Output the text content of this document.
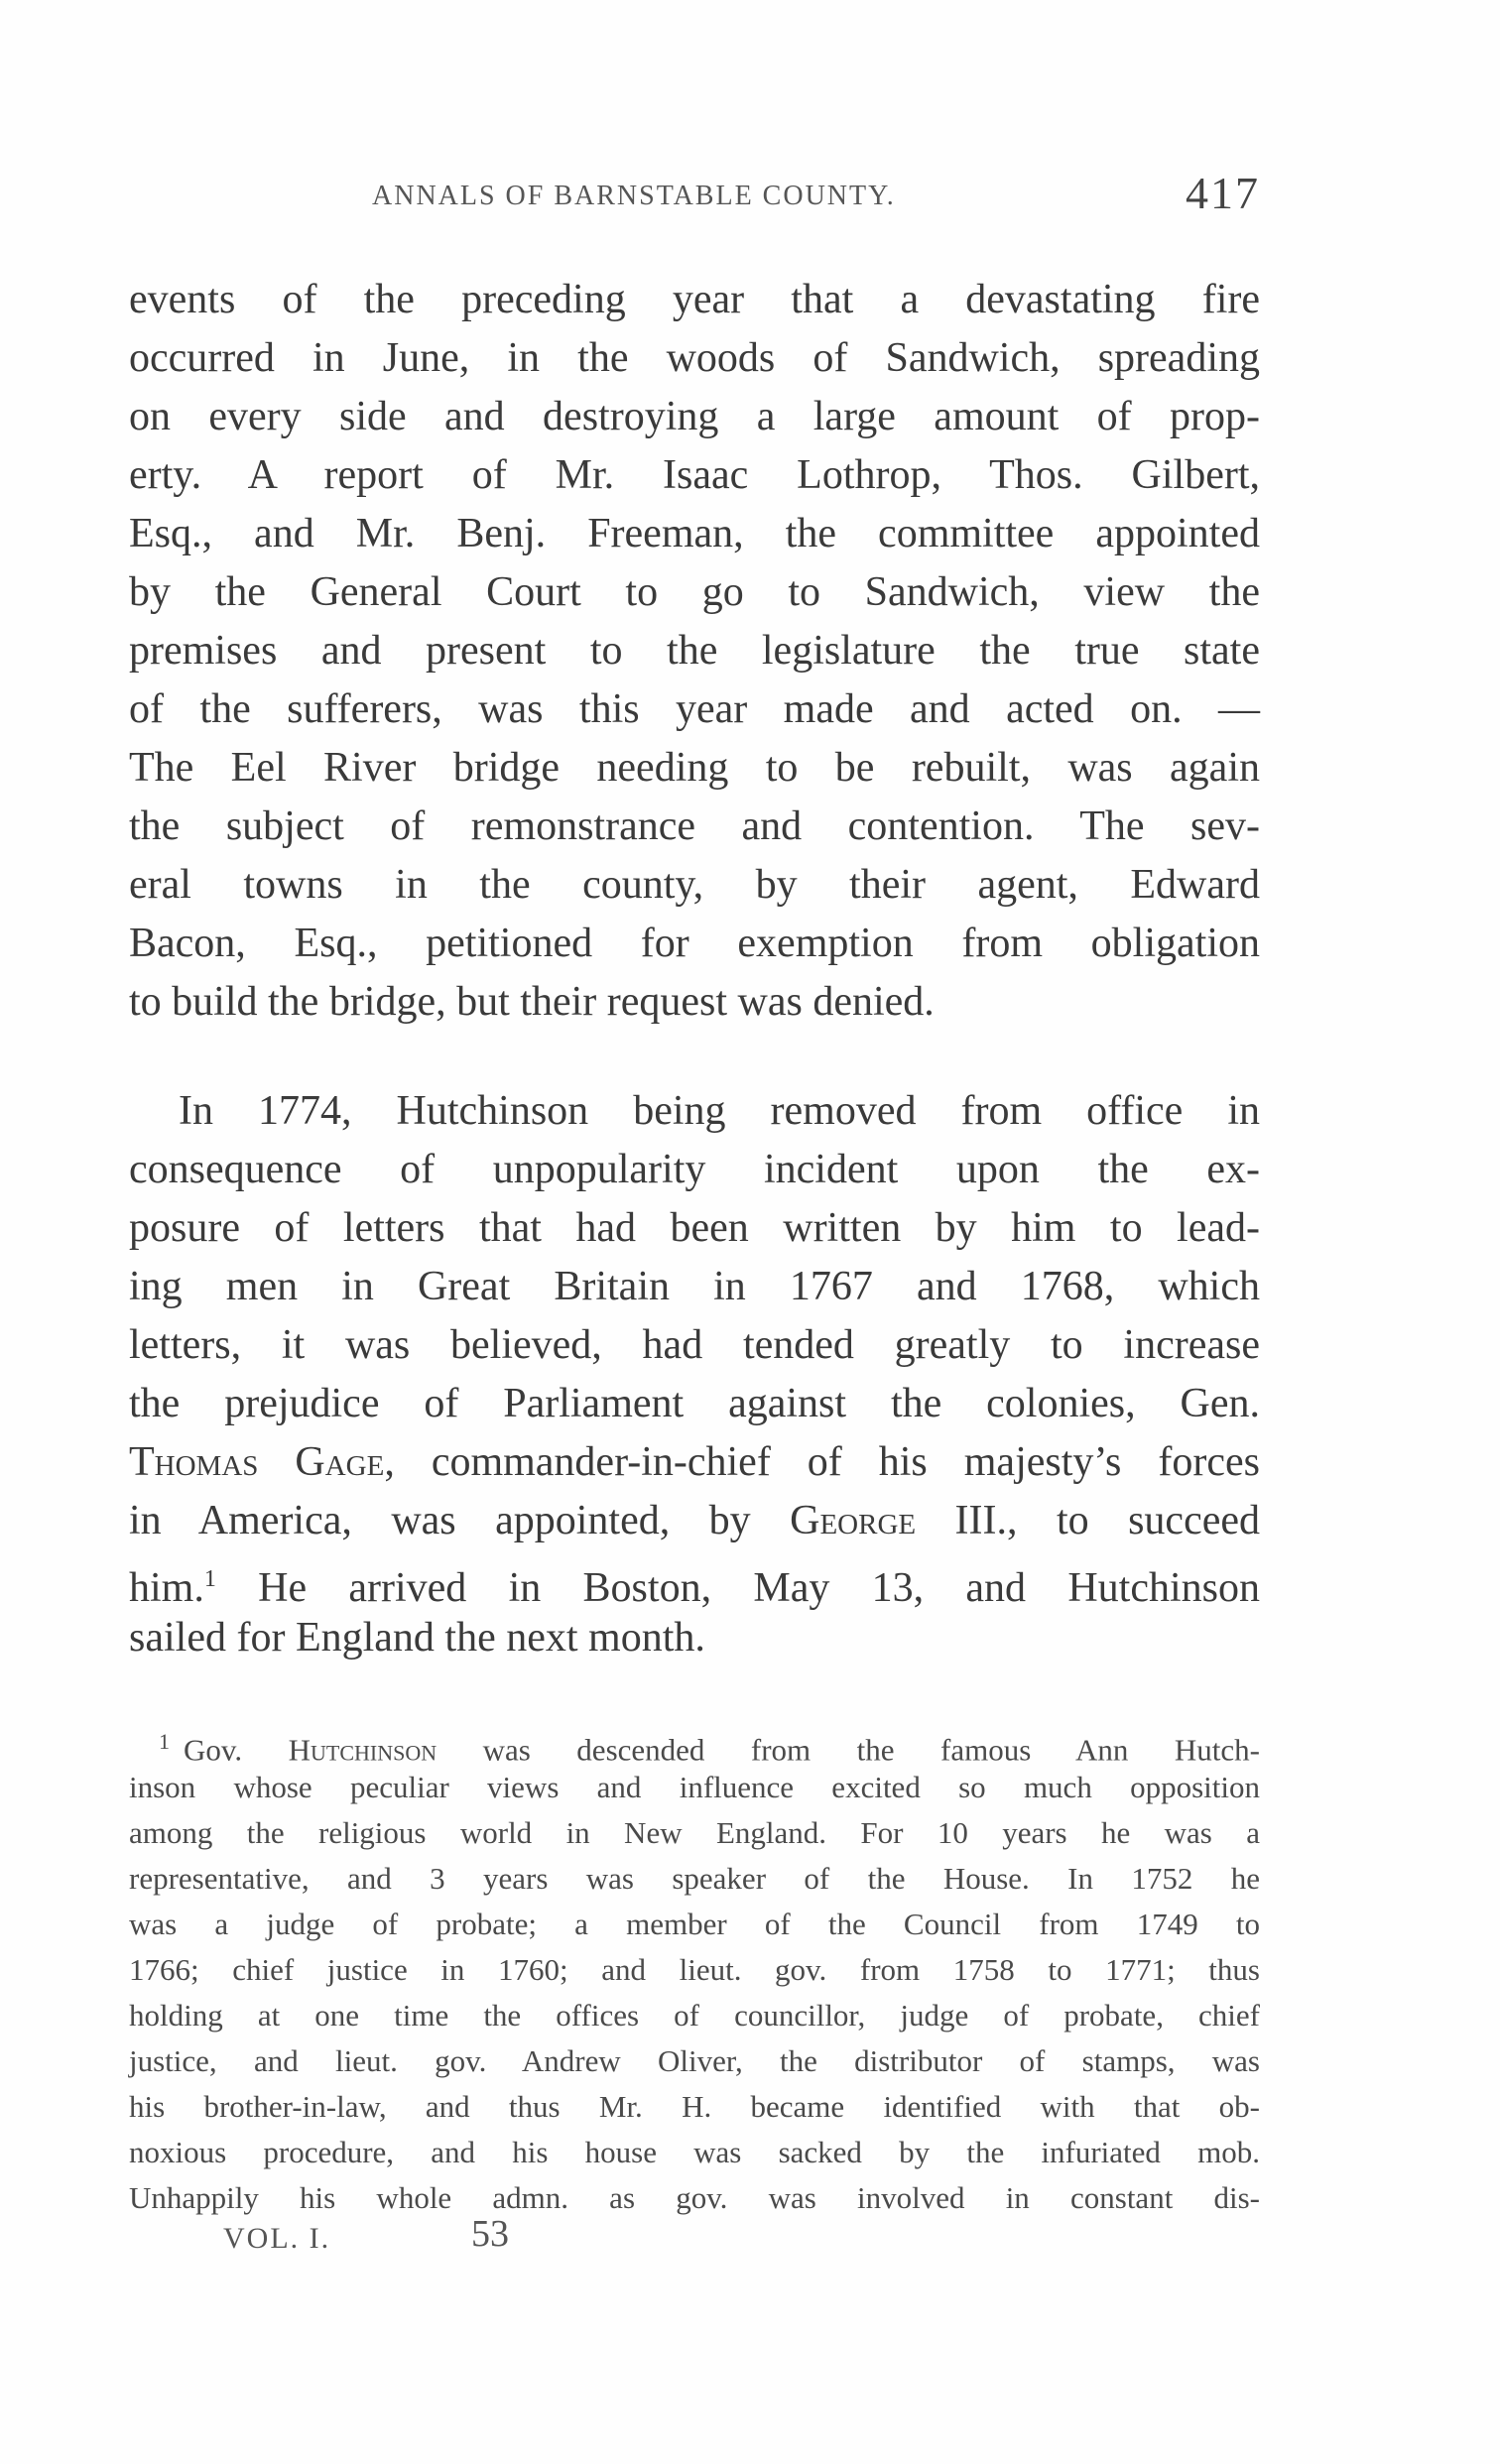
ANNALS OF BARNSTABLE COUNTY.	417
events of the preceding year that a devastating fire
occurred in June, in the woods of Sandwich, spreading
on every side and destroying a large amount of prop-
erty. A report of Mr. Isaac Lothrop, Thos. Gilbert,
Esq., and Mr. Benj. Freeman, the committee appointed
by the General Court to go to Sandwich, view the
premises and present to the legislature the true state
of the sufferers, was this year made and acted on. —
The Eel River bridge needing to be rebuilt, was again
the subject of remonstrance and contention. The sev-
eral towns in the county, by their agent, Edward
Bacon, Esq., petitioned for exemption from obligation
to build the bridge, but their request was denied.
In 1774, Hutchinson being removed from office in
consequence of unpopularity incident upon the ex-
posure of letters that had been written by him to lead-
ing men in Great Britain in 1767 and 1768, which
letters, it was believed, had tended greatly to increase
the prejudice of Parliament against the colonies, Gen.
Thomas Gage, commander-in-chief of his majesty’s forces
in America, was appointed, by George III., to succeed
him.$^1$ He arrived in Boston, May 13, and Hutchinson
sailed for England the next month.
$^1$ Gov. Hutchinson was descended from the famous Ann Hutch-
inson whose peculiar views and influence excited so much opposition
among the religious world in New England. For 10 years he was a
representative, and 3 years was speaker of the House. In 1752 he
was a judge of probate; a member of the Council from 1749 to
1766; chief justice in 1760; and lieut. gov. from 1758 to 1771; thus
holding at one time the offices of councillor, judge of probate, chief
justice, and lieut. gov. Andrew Oliver, the distributor of stamps, was
his brother-in-law, and thus Mr. H. became identified with that ob-
noxious procedure, and his house was sacked by the infuriated mob.
Unhappily his whole admn. as gov. was involved in constant dis-
VOL. I.	53
